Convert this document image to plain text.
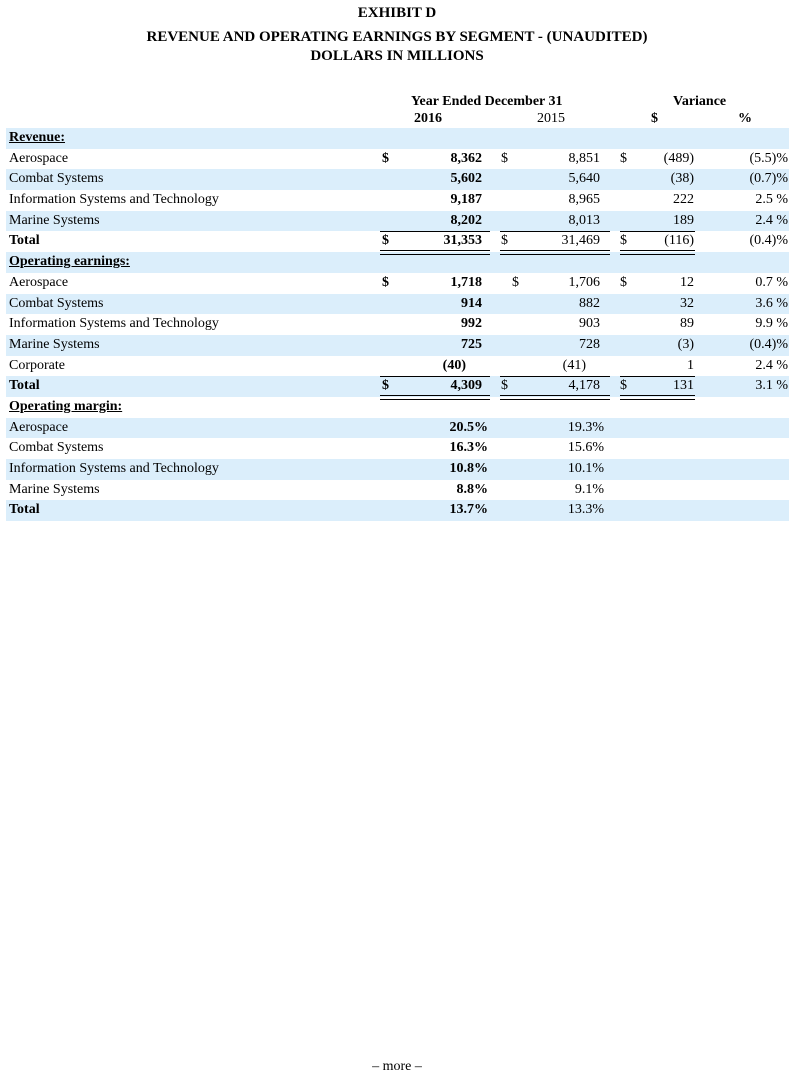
EXHIBIT D
REVENUE AND OPERATING EARNINGS BY SEGMENT - (UNAUDITED)
DOLLARS IN MILLIONS
Year Ended December 31
2016	2015
Variance
$	%
Revenue:
Aerospace	$	8,362 $	8,851 $	(489)	(5.5)%
Combat Systems	5,602	5,640	(38)	(0.7)%
Information Systems and Technology	9,187	8,965	222	2.5 %
Marine Systems	8,202	8,013	189	2.4 %
Total	$	31,353 $	31,469 $	(116)	(0.4)%
Operating earnings:
Aerospace	$	1,718 $	1,706 $	12	0.7 %
Combat Systems	914	882	32	3.6 %
Information Systems and Technology	992	903	89	9.9 %
Marine Systems	725	728	(3)	(0.4)%
Corporate	(40)	(41)	1	2.4 %
Total	$	4,309 $	4,178 $	131	3.1 %
Operating margin:
Aerospace	20.5%	19.3%
Combat Systems	16.3%	15.6%
Information Systems and Technology	10.8%	10.1%
Marine Systems	8.8%	9.1%
Total	13.7%	13.3%
– more –
